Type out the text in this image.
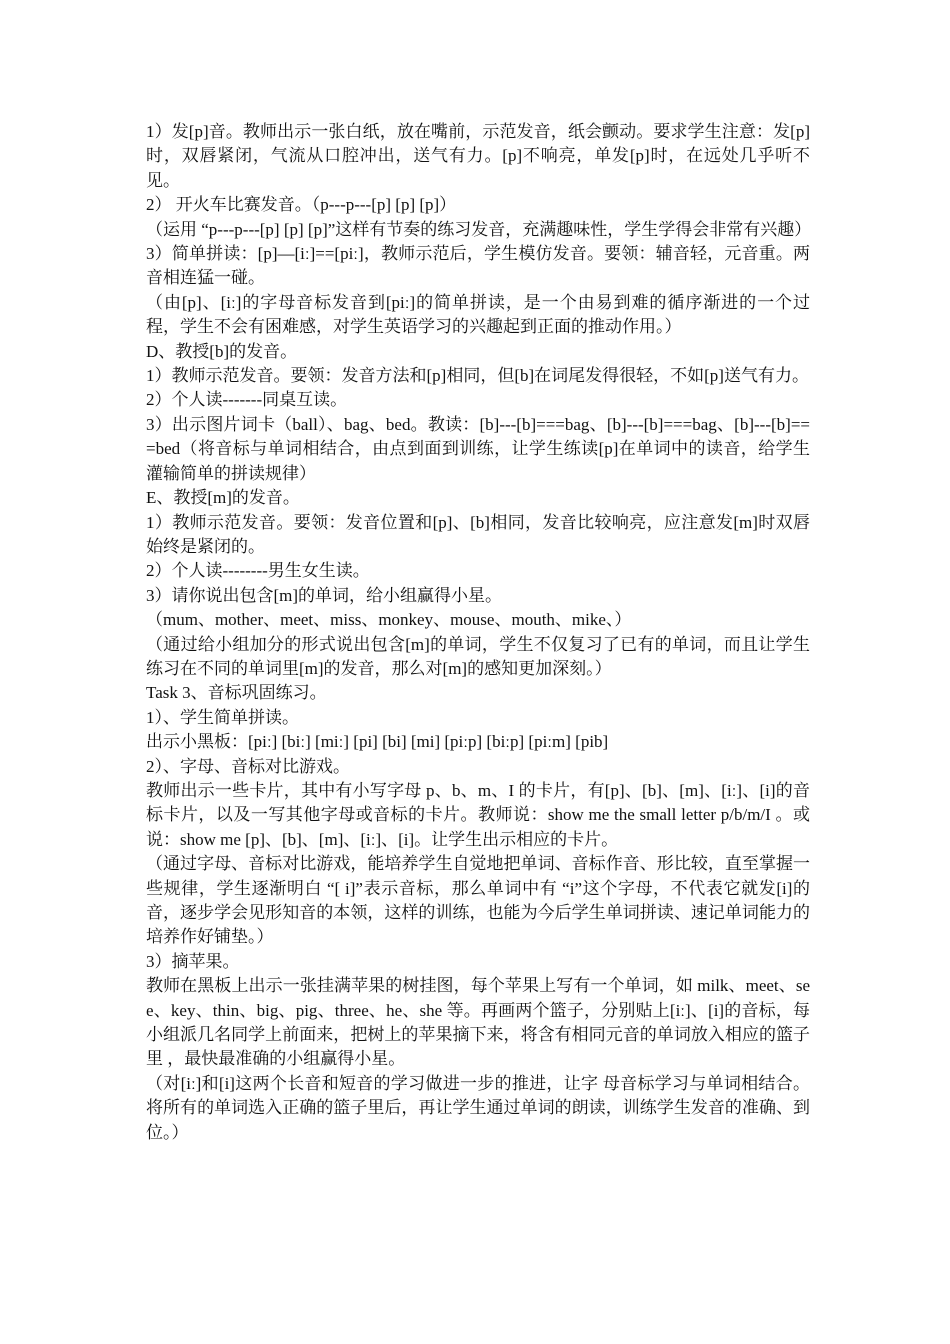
1）发[p]音。教师出示一张白纸，放在嘴前，示范发音，纸会颤动。要求学生注意：发[p]时，双唇紧闭，气流从口腔冲出，送气有力。[p]不响亮，单发[p]时，在远处几乎听不见。

2） 开火车比赛发音。（p---p---[p] [p] [p]）

（运用 “p---p---[p] [p] [p]”这样有节奏的练习发音，充满趣味性，学生学得会非常有兴趣）

3）简单拼读：[p]—[iː]==[piː]，教师示范后，学生模仿发音。要领：辅音轻，元音重。两音相连猛一碰。

（由[p]、[iː]的字母音标发音到[piː]的简单拼读，是一个由易到难的循序渐进的一个过程，学生不会有困难感，对学生英语学习的兴趣起到正面的推动作用。）

D、教授[b]的发音。

1）教师示范发音。要领：发音方法和[p]相同，但[b]在词尾发得很轻，不如[p]送气有力。

2）个人读-------同桌互读。

3）出示图片词卡（ball）、bag、bed。教读：[b]---[b]===bag、[b]---[b]===bag、[b]---[b]===bed（将音标与单词相结合，由点到面到训练，让学生练读[p]在单词中的读音，给学生灌输简单的拼读规律）

E、教授[m]的发音。

1）教师示范发音。要领：发音位置和[p]、[b]相同，发音比较响亮，应注意发[m]时双唇始终是紧闭的。

2）个人读--------男生女生读。

3）请你说出包含[m]的单词，给小组赢得小星。

（mum、mother、meet、miss、monkey、mouse、mouth、mike、）

（通过给小组加分的形式说出包含[m]的单词，学生不仅复习了已有的单词，而且让学生练习在不同的单词里[m]的发音，那么对[m]的感知更加深刻。）

Task 3、音标巩固练习。

1）、学生简单拼读。

出示小黑板：[piː] [biː] [miː] [pi] [bi] [mi] [piːp] [biːp] [piːm] [pib]

2）、字母、音标对比游戏。

教师出示一些卡片，其中有小写字母 p、b、m、I 的卡片，有[p]、[b]、[m]、[iː]、[i]的音标卡片，以及一写其他字母或音标的卡片。教师说：show me the small letter p/b/m/I 。或说：show me [p]、[b]、[m]、[iː]、[i]。让学生出示相应的卡片。

（通过字母、音标对比游戏，能培养学生自觉地把单词、音标作音、形比较，直至掌握一些规律，学生逐渐明白 “[ i]”表示音标，那么单词中有 “i”这个字母，不代表它就发[i]的音，逐步学会见形知音的本领，这样的训练，也能为今后学生单词拼读、速记单词能力的培养作好铺垫。）

3）摘苹果。

教师在黑板上出示一张挂满苹果的树挂图，每个苹果上写有一个单词，如 milk、meet、see、key、thin、big、pig、three、he、she 等。再画两个篮子，分别贴上[iː]、[i]的音标，每小组派几名同学上前面来，把树上的苹果摘下来，将含有相同元音的单词放入相应的篮子里 ，最快最准确的小组赢得小星。

（对[iː]和[i]这两个长音和短音的学习做进一步的推进，让字 母音标学习与单词相结合。将所有的单词选入正确的篮子里后，再让学生通过单词的朗读，训练学生发音的准确、到位。）
